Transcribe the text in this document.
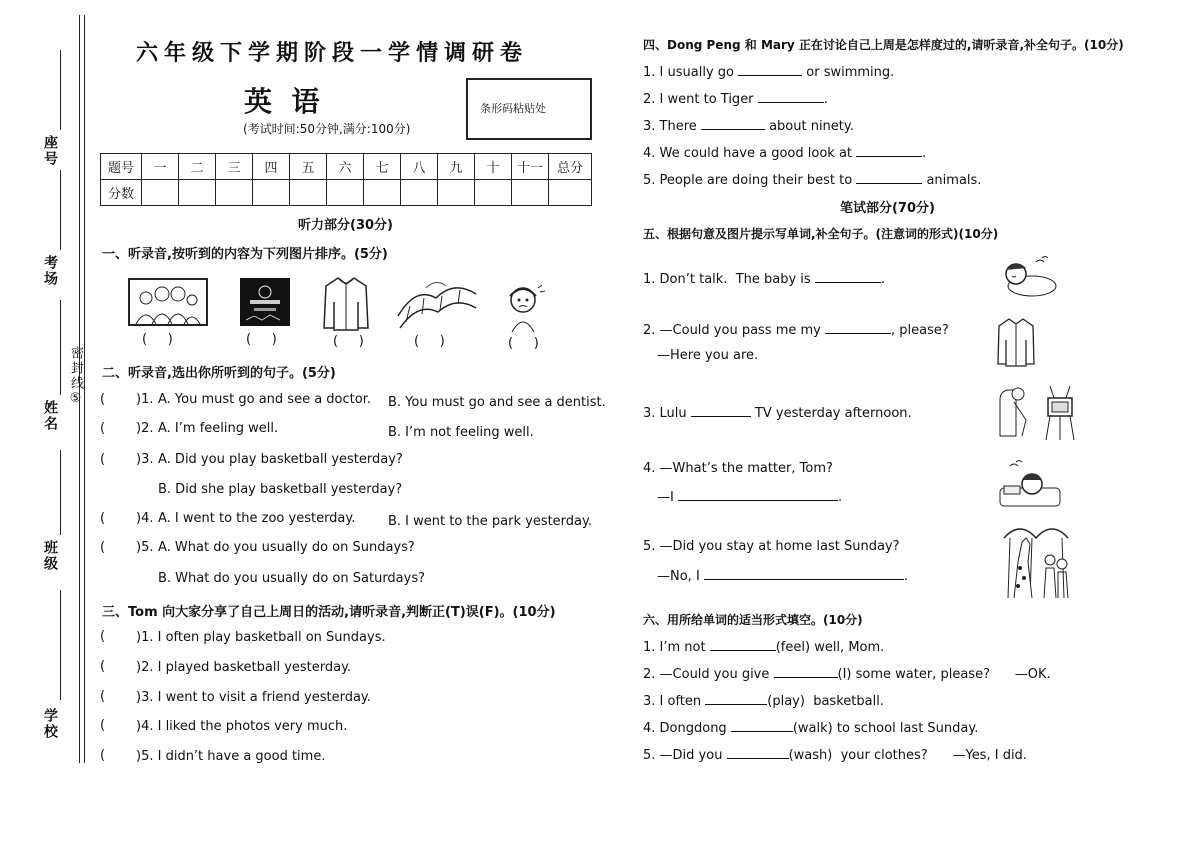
座号
考场
姓名
密封线⑤
班级
学校
六年级下学期阶段一学情调研卷
英  语
(考试时间:50分钟,满分:100分)
条形码粘贴处
题号	一	二	三	四	五	六	七	八	九	十	十一	总分
分数												
听力部分(30分)
一、听录音,按听到的内容为下列图片排序。(5分)
(     )	(     )	(     )	(     )	(     )
二、听录音,选出你所听到的句子。(5分)
( )1. A. You must go and see a doctor. B. You must go and see a dentist.
( )2. A. I’m feeling well.	B. I’m not feeling well.
( )3. A. Did you play basketball yesterday?
B. Did she play basketball yesterday?
( )4. A. I went to the zoo yesterday.	B. I went to the park yesterday.
( )5. A. What do you usually do on Sundays?
B. What do you usually do on Saturdays?
三、Tom 向大家分享了自己上周日的活动,请听录音,判断正(T)误(F)。(10分)
( )1. I often play basketball on Sundays.
( )2. I played basketball yesterday.
( )3. I went to visit a friend yesterday.
( )4. I liked the photos very much.
( )5. I didn’t have a good time.
四、Dong Peng 和 Mary 正在讨论自己上周是怎样度过的,请听录音,补全句子。(10分)
1. I usually go	or swimming.
2. I went to Tiger	.
3. There	about ninety.
4. We could have a good look at	.
5. People are doing their best to	animals.
笔试部分(70分)
五、根据句意及图片提示写单词,补全句子。(注意词的形式)(10分)
1. Don’t talk.  The baby is	.
2. —Could you pass me my	, please?
—Here you are.
3. Lulu	TV yesterday afternoon.
4. —What’s the matter, Tom?
—I	.
5. —Did you stay at home last Sunday?
—No, I	.
六、用所给单词的适当形式填空。(10分)
1. I’m not	(feel) well, Mom.
2. —Could you give	(I) some water, please?      —OK.
3. I often	(play)  basketball.
4. Dongdong	(walk) to school last Sunday.
5. —Did you	(wash)  your clothes?      —Yes, I did.
